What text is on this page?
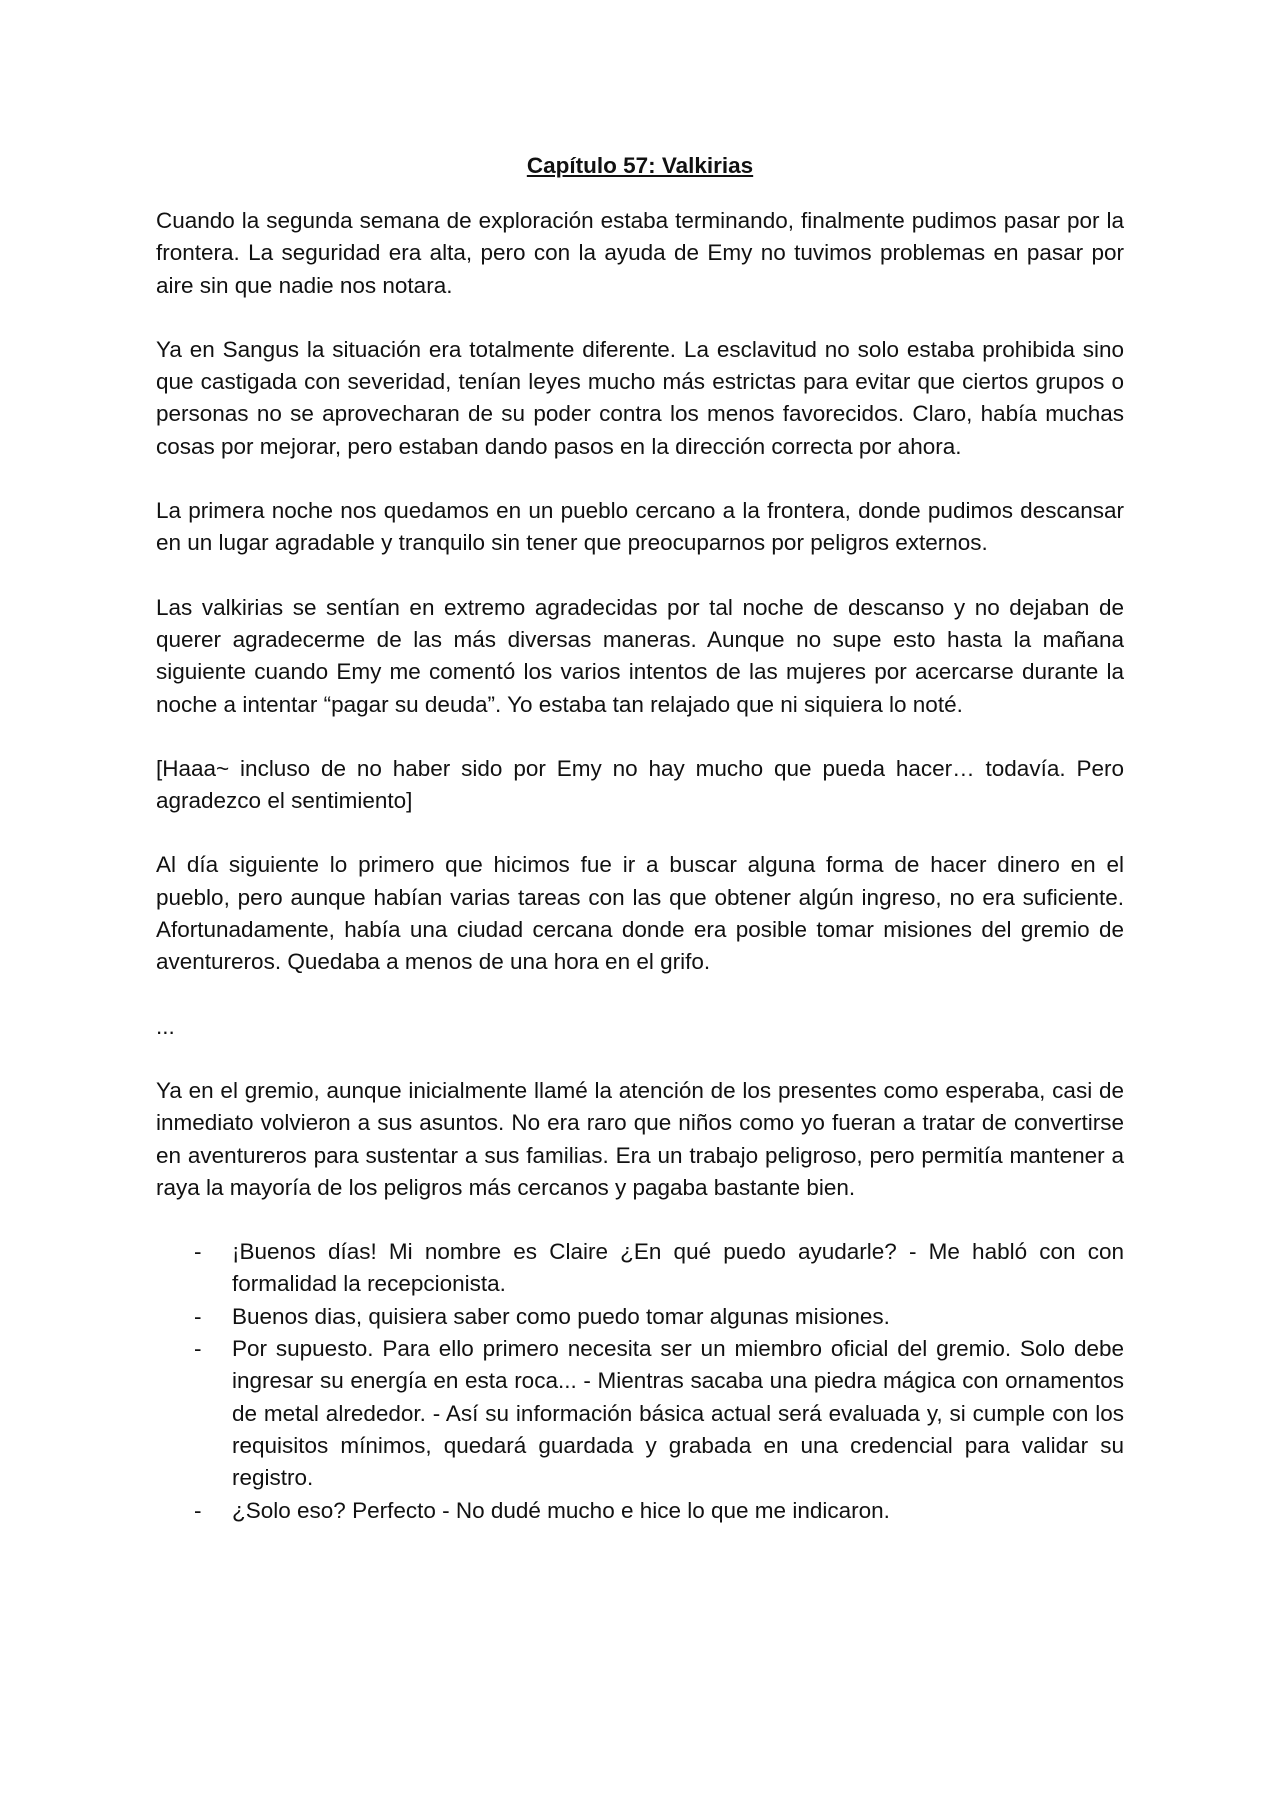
Capítulo 57: Valkirias

Cuando la segunda semana de exploración estaba terminando, finalmente pudimos pasar por la frontera. La seguridad era alta, pero con la ayuda de Emy no tuvimos problemas en pasar por aire sin que nadie nos notara.

Ya en Sangus la situación era totalmente diferente. La esclavitud no solo estaba prohibida sino que castigada con severidad, tenían leyes mucho más estrictas para evitar que ciertos grupos o personas no se aprovecharan de su poder contra los menos favorecidos. Claro, había muchas cosas por mejorar, pero estaban dando pasos en la dirección correcta por ahora.

La primera noche nos quedamos en un pueblo cercano a la frontera, donde pudimos descansar en un lugar agradable y tranquilo sin tener que preocuparnos por peligros externos.

Las valkirias se sentían en extremo agradecidas por tal noche de descanso y no dejaban de querer agradecerme de las más diversas maneras. Aunque no supe esto hasta la mañana siguiente cuando Emy me comentó los varios intentos de las mujeres por acercarse durante la noche a intentar “pagar su deuda”. Yo estaba tan relajado que ni siquiera lo noté.

[Haaa~ incluso de no haber sido por Emy no hay mucho que pueda hacer… todavía. Pero agradezco el sentimiento]

Al día siguiente lo primero que hicimos fue ir a buscar alguna forma de hacer dinero en el pueblo, pero aunque habían varias tareas con las que obtener algún ingreso, no era suficiente. Afortunadamente, había una ciudad cercana donde era posible tomar misiones del gremio de aventureros. Quedaba a menos de una hora en el grifo.

...

Ya en el gremio, aunque inicialmente llamé la atención de los presentes como esperaba, casi de inmediato volvieron a sus asuntos. No era raro que niños como yo fueran a tratar de convertirse en aventureros para sustentar a sus familias. Era un trabajo peligroso, pero permitía mantener a raya la mayoría de los peligros más cercanos y pagaba bastante bien.

- ¡Buenos días! Mi nombre es Claire ¿En qué puedo ayudarle? - Me habló con con formalidad la recepcionista.
- Buenos dias, quisiera saber como puedo tomar algunas misiones.
- Por supuesto. Para ello primero necesita ser un miembro oficial del gremio. Solo debe ingresar su energía en esta roca... - Mientras sacaba una piedra mágica con ornamentos de metal alrededor. - Así su información básica actual será evaluada y, si cumple con los requisitos mínimos, quedará guardada y grabada en una credencial para validar su registro.
- ¿Solo eso? Perfecto - No dudé mucho e hice lo que me indicaron.
